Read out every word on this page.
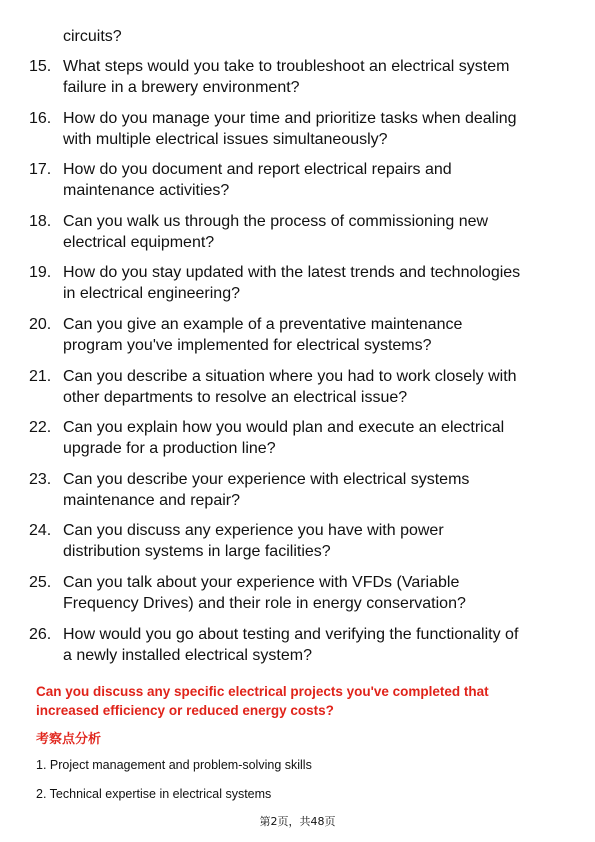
circuits?
15. What steps would you take to troubleshoot an electrical system
failure in a brewery environment?
16. How do you manage your time and prioritize tasks when dealing
with multiple electrical issues simultaneously?
17. How do you document and report electrical repairs and
maintenance activities?
18. Can you walk us through the process of commissioning new
electrical equipment?
19. How do you stay updated with the latest trends and technologies
in electrical engineering?
20. Can you give an example of a preventative maintenance
program you've implemented for electrical systems?
21. Can you describe a situation where you had to work closely with
other departments to resolve an electrical issue?
22. Can you explain how you would plan and execute an electrical
upgrade for a production line?
23. Can you describe your experience with electrical systems
maintenance and repair?
24. Can you discuss any experience you have with power
distribution systems in large facilities?
25. Can you talk about your experience with VFDs (Variable
Frequency Drives) and their role in energy conservation?
26. How would you go about testing and verifying the functionality of
a newly installed electrical system?
Can you discuss any specific electrical projects you've completed that
increased efficiency or reduced energy costs?
考察点分析
1. Project management and problem-solving skills
2. Technical expertise in electrical systems
第2页，共48页
